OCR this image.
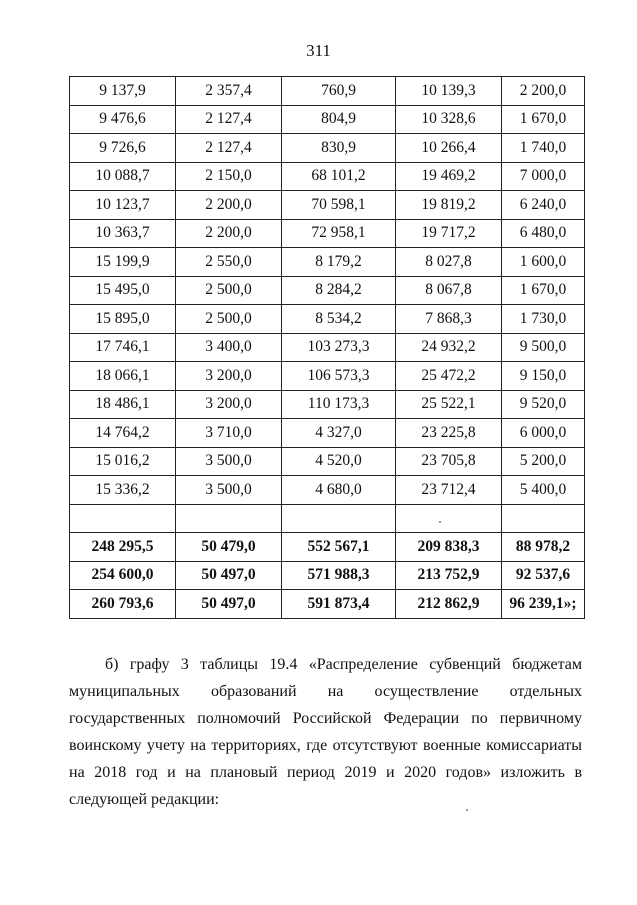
311
9 137,9	2 357,4	760,9	10 139,3	2 200,0
9 476,6	2 127,4	804,9	10 328,6	1 670,0
9 726,6	2 127,4	830,9	10 266,4	1 740,0
10 088,7	2 150,0	68 101,2	19 469,2	7 000,0
10 123,7	2 200,0	70 598,1	19 819,2	6 240,0
10 363,7	2 200,0	72 958,1	19 717,2	6 480,0
15 199,9	2 550,0	8 179,2	8 027,8	1 600,0
15 495,0	2 500,0	8 284,2	8 067,8	1 670,0
15 895,0	2 500,0	8 534,2	7 868,3	1 730,0
17 746,1	3 400,0	103 273,3	24 932,2	9 500,0
18 066,1	3 200,0	106 573,3	25 472,2	9 150,0
18 486,1	3 200,0	110 173,3	25 522,1	9 520,0
14 764,2	3 710,0	4 327,0	23 225,8	6 000,0
15 016,2	3 500,0	4 520,0	23 705,8	5 200,0
15 336,2	3 500,0	4 680,0	23 712,4	5 400,0

248 295,5	50 479,0	552 567,1	209 838,3	88 978,2
254 600,0	50 497,0	571 988,3	213 752,9	92 537,6
260 793,6	50 497,0	591 873,4	212 862,9	96 239,1»;
б) графу 3 таблицы 19.4 «Распределение субвенций бюджетам
муниципальных образований на осуществление отдельных государственных полномочий Российской Федерации по первичному воинскому учету на территориях, где отсутствуют военные комиссариаты на 2018 год и на плановый период 2019 и 2020 годов» изложить в следующей редакции:
